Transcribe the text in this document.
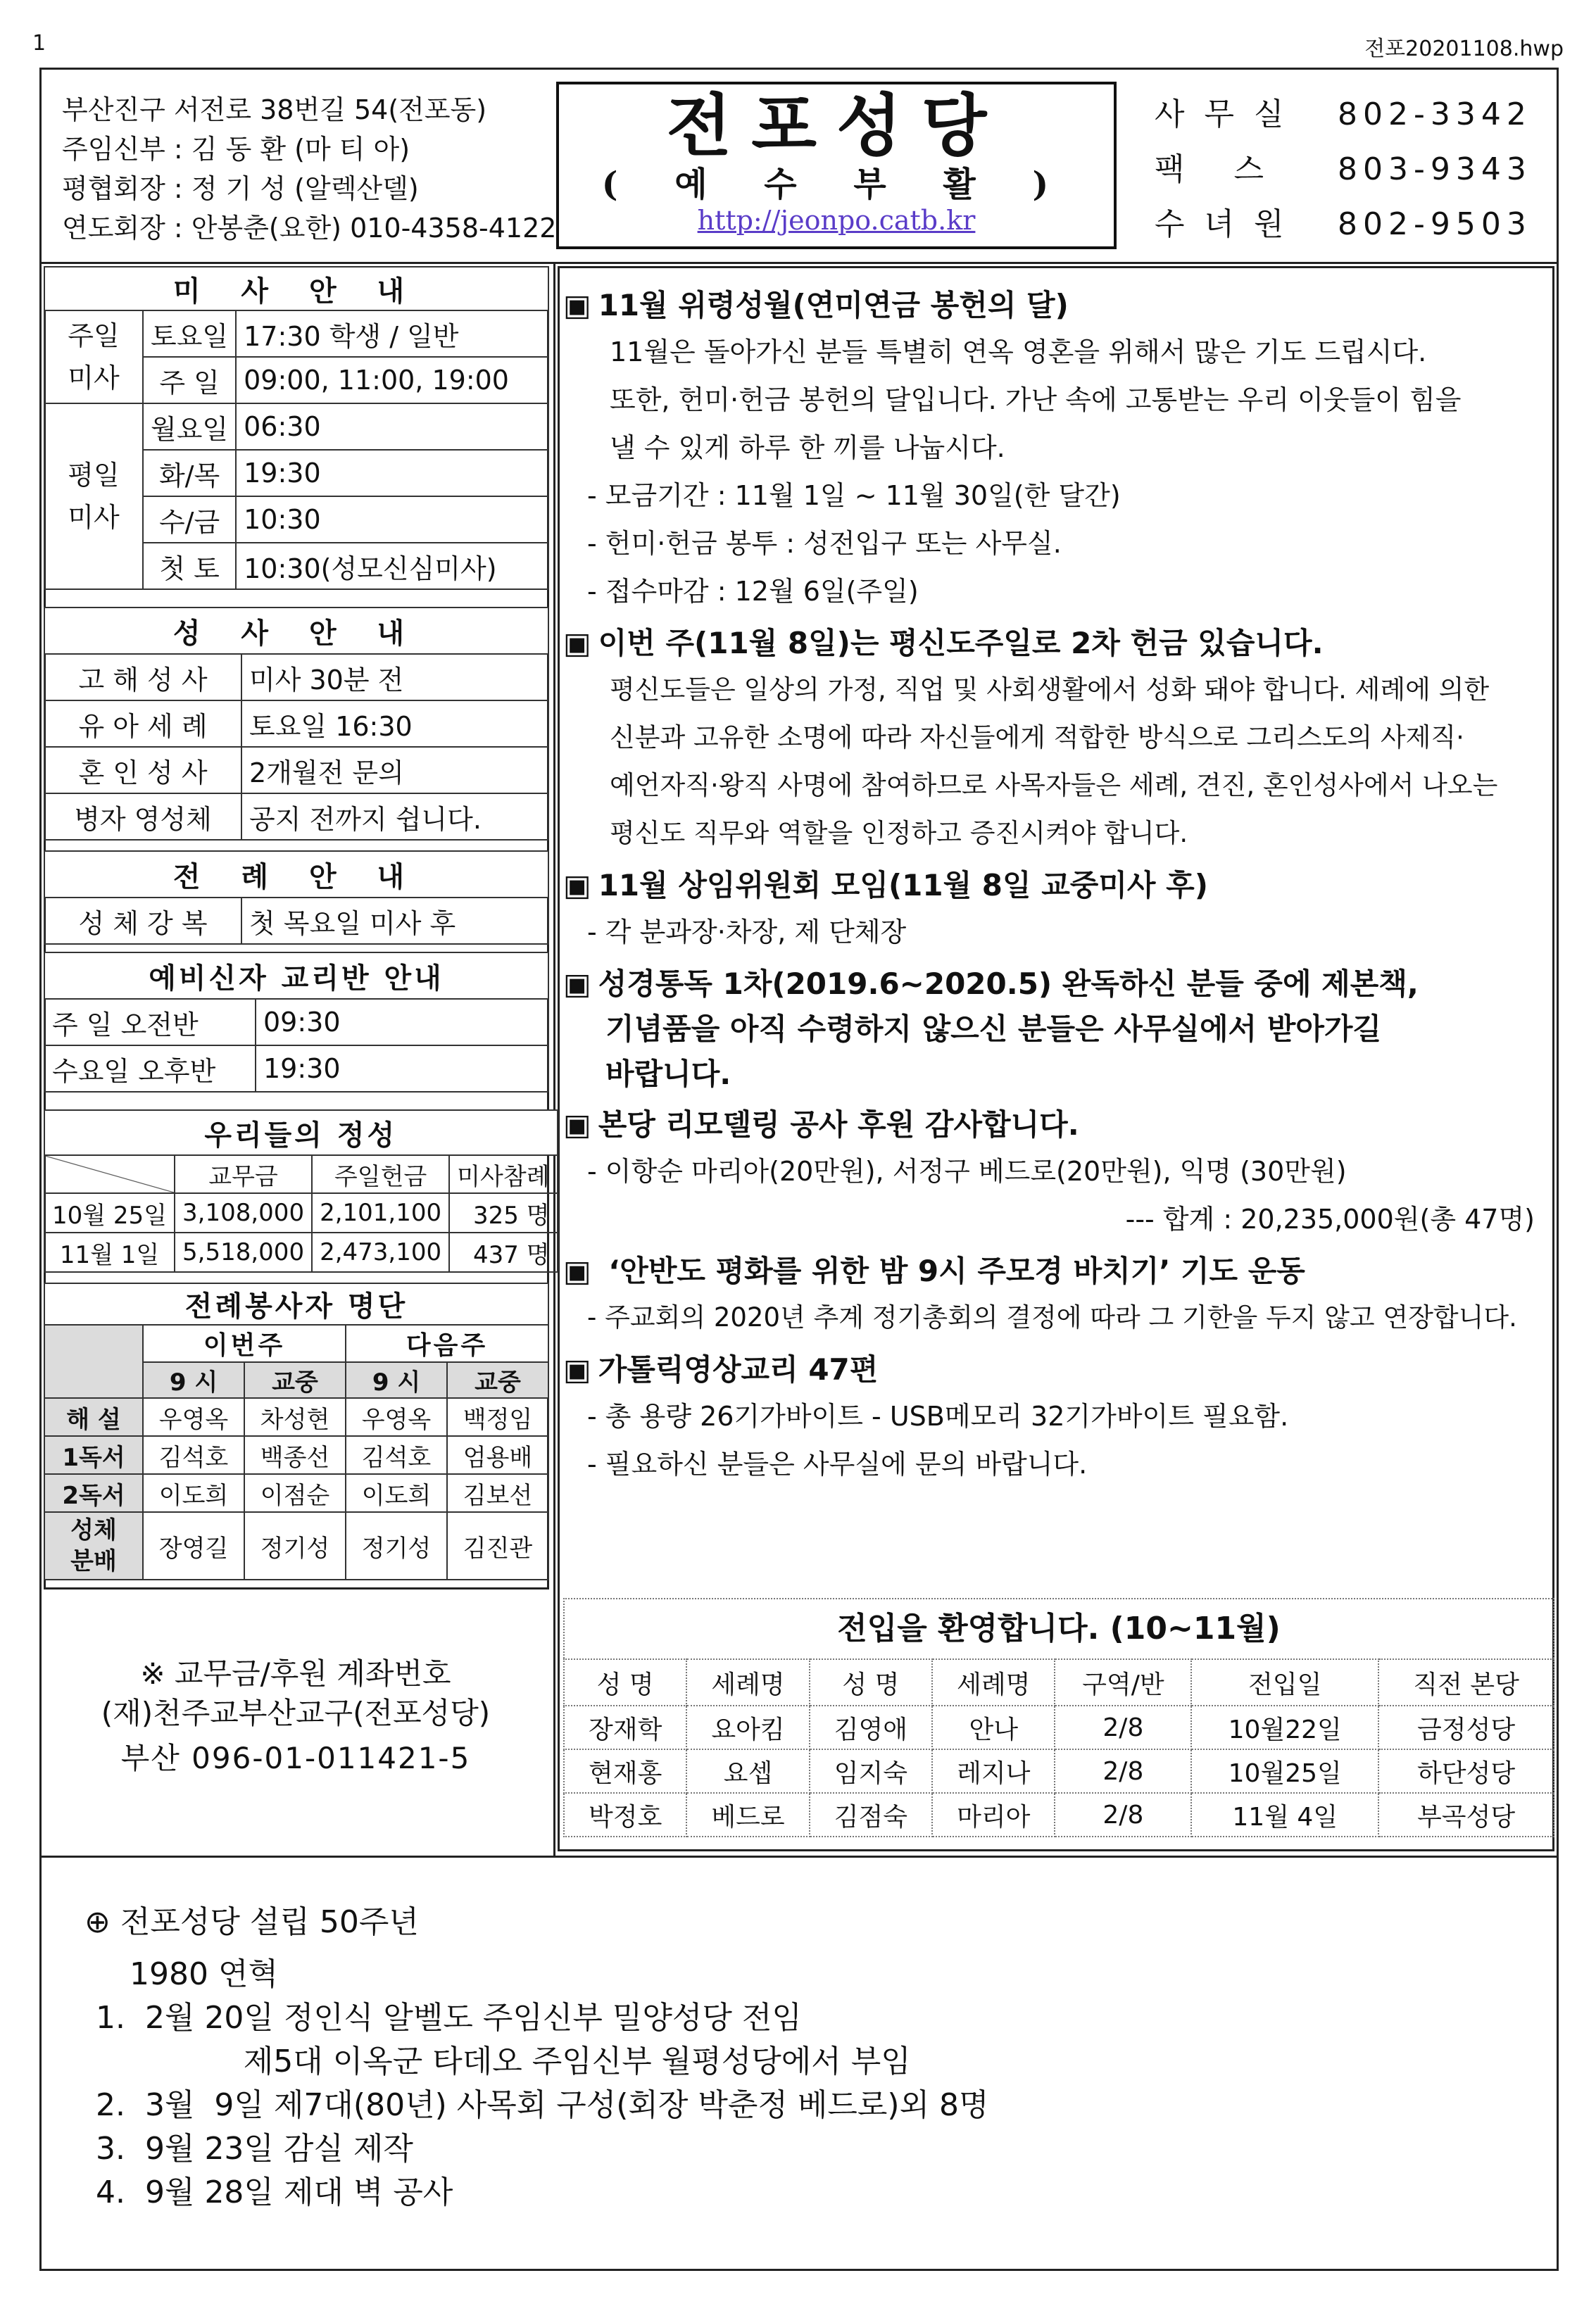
1	전포20201108.hwp
부산진구 서전로 38번길 54(전포동)
주임신부 : 김 동 환 (마 티 아)
평협회장 : 정 기 성 (알렉산델)
연도회장 : 안봉춘(요한) 010-4358-4122
전포성당
( 예 수 부 활 )
http://jeonpo.catb.kr
사무실	802-3342
팩 스	803-9343
수녀원	802-9503
미 사 안 내		
주일
미사	토요일	17:30 학생 / 일반
	주 일	09:00, 11:00, 19:00
평일
미사	월요일	06:30
	화/목	19:30
	수/금	10:30
	첫 토	10:30(성모신심미사)
성 사 안 내	
고 해 성 사	미사 30분 전
유 아 세 례	토요일 16:30
혼 인 성 사	2개월전 문의
병자 영성체	공지 전까지 쉽니다.
전 례 안 내
성 체 강 복	첫 목요일 미사 후
예비신자 교리반 안내	
주 일 오전반	09:30
수요일 오후반	19:30
우리들의 정성			
	교무금	주일헌금	미사참례
10월 25일	3,108,000	2,101,100	325 명
11월 1일	5,518,000	2,473,100	437 명
전례봉사자 명단				
	이번주		다음주	
	9 시	교중	9 시	교중
해 설	우영옥	차성현	우영옥	백정임
1독서	김석호	백종선	김석호	엄용배
2독서	이도희	이점순	이도희	김보선
성체
분배	장영길	정기성	정기성	김진관
※ 교무금/후원 계좌번호
(재)천주교부산교구(전포성당)
부산 096-01-011421-5
▣ 11월 위령성월(연미연금 봉헌의 달)
11월은 돌아가신 분들 특별히 연옥 영혼을 위해서 많은 기도 드립시다.
또한, 헌미·헌금 봉헌의 달입니다. 가난 속에 고통받는 우리 이웃들이 힘을
낼 수 있게 하루 한 끼를 나눕시다.
- 모금기간 : 11월 1일 ~ 11월 30일(한 달간)
- 헌미·헌금 봉투 : 성전입구 또는 사무실.
- 접수마감 : 12월 6일(주일)
▣ 이번 주(11월 8일)는 평신도주일로 2차 헌금 있습니다.
평신도들은 일상의 가정, 직업 및 사회생활에서 성화 돼야 합니다. 세례에 의한
신분과 고유한 소명에 따라 자신들에게 적합한 방식으로 그리스도의 사제직·
예언자직·왕직 사명에 참여하므로 사목자들은 세례, 견진, 혼인성사에서 나오는
평신도 직무와 역할을 인정하고 증진시켜야 합니다.
▣ 11월 상임위원회 모임(11월 8일 교중미사 후)
- 각 분과장·차장, 제 단체장
▣ 성경통독 1차(2019.6~2020.5) 완독하신 분들 중에 제본책,
기념품을 아직 수령하지 않으신 분들은 사무실에서 받아가길
바랍니다.
▣ 본당 리모델링 공사 후원 감사합니다.
- 이항순 마리아(20만원), 서정구 베드로(20만원), 익명 (30만원)
--- 합계 : 20,235,000원(총 47명)
▣ ‘안반도 평화를 위한 밤 9시 주모경 바치기’ 기도 운동
- 주교회의 2020년 추계 정기총회의 결정에 따라 그 기한을 두지 않고 연장합니다.
▣ 가톨릭영상교리 47편
- 총 용량 26기가바이트 - USB메모리 32기가바이트 필요함.
- 필요하신 분들은 사무실에 문의 바랍니다.
전입을 환영합니다. (10~11월)
성 명	세례명	성 명	세례명	구역/반	전입일	직전 본당
장재학	요아킴	김영애	안나	2/8	10월22일	금정성당
현재홍	요셉	임지숙	레지나	2/8	10월25일	하단성당
박정호	베드로	김점숙	마리아	2/8	11월 4일	부곡성당
⊕ 전포성당 설립 50주년
1980 연혁
1.  2월 20일 정인식 알벨도 주임신부 밀양성당 전임
제5대 이옥군 타데오 주임신부 월평성당에서 부임
2.  3월  9일 제7대(80년) 사목회 구성(회장 박춘정 베드로)외 8명
3.  9월 23일 감실 제작
4.  9월 28일 제대 벽 공사
